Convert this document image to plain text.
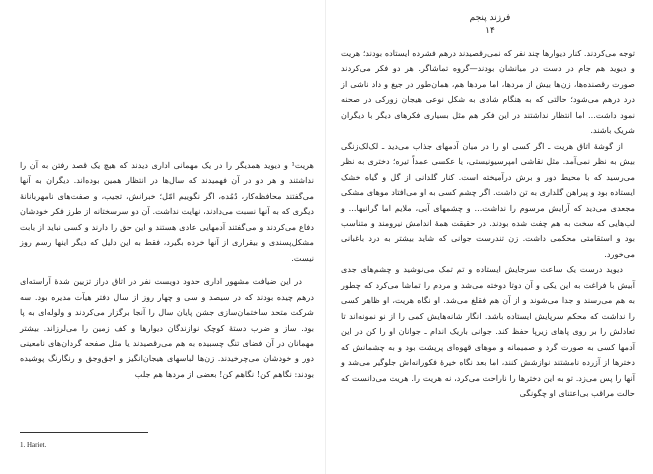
فرزند پنجم
۱۴

توجه می‌کردند. کنار دیوارها چند نفر که نمی‌رقصیدند درهم فشرده ایستاده بودند؛ هریت و دیوید هم جام در دست در میانشان بودند—گروه تماشاگر. هر دو فکر می‌کردند صورت رقصنده‌ها، زن‌ها بیش از مردها، اما مردها هم، همان‌طور در جیغ و داد ناشی از درد درهم می‌شود؛ حالتی که به هنگام شادی به شکل نوعی هیجان زورکی در صحنه نمود داشت... اما انتظار نداشتند در این فکر هم مثل بسیاری فکرهای دیگر با دیگران شریک باشند.

از گوشهٔ اتاق هریت ـ اگر کسی او را در میان آدمهای جذاب می‌دید ـ لک‌لک‌زنگی بیش به نظر نمی‌آمد. مثل نقاشی امپرسیونیستی، یا عکسی عمداً تیره؛ دختری به نظر می‌رسید که با محیط دور و برش درآمیخته است. کنار گلدانی از گل و گیاه خشک ایستاده بود و پیراهن گلداری به تن داشت. اگر چشم کسی به او می‌افتاد موهای مشکی مجعدی می‌دید که آرایش مرسوم را نداشت... و چشمهای آبی، ملایم اما گرانبها... و لب‌هایی که سخت به هم چفت شده بودند. در حقیقت همهٔ اندامش نیرومند و متناسب بود و استقامتی محکمی داشت. زن تندرست جوانی که شاید بیشتر به درد باغبانی می‌خورد.

دیوید درست یک ساعت سرجایش ایستاده و تم تمک می‌نوشید و چشم‌های جدی آبیش با فراغت به این یکی و آن دوتا دوخته می‌شد و مردم را تماشا می‌کرد که چطور به هم می‌رسند و جدا می‌شوند و از آن هم فقلغ می‌شد. او نگاه هریت، او ظاهر کسی را نداشت که محکم سرپایش ایستاده باشد. انگار شانه‌هایش کمی را از نو نمونه‌اند تا تعادلش را بر روی پاهای زیرپا حفظ کند. جوانی باریک اندام ـ جوانان او را کن در این آدمها کسی به صورت گرد و صمیمانه و موهای قهوه‌ای پرپشت بود و به چشمانش که دخترها از آزرده نامشتند نوازشش کنند، اما بعد نگاه خیرهٔ فکورانه‌اش جلوگیر می‌شد و آنها را پس می‌زد. تو به این دخترها را ناراحت می‌کرد، نه هریت را. هریت می‌دانست که حالت مراقب بی‌اعتنای او چگونگی

هریت¹ و دیوید همدیگر را در یک مهمانی اداری دیدند که هیچ یک قصد رفتن به آن را نداشتند و هر دو در آن فهمیدند که سال‌ها در انتظار همین بوده‌اند. دیگران به آنها می‌گفتند محافظه‌کار، دُمُده، اگر نگوییم امّل؛ خبرانش، تجیب، و صفت‌های نامهربانانهٔ دیگری که به آنها نسبت می‌دادند، نهایت نداشت. آن دو سرسختانه از طرز فکر خودشان دفاع می‌کردند و می‌گفتند آدمهایی عادی هستند و این حق را دارند و کسی نباید از بابت مشکل‌پسندی و بیقراری از آنها خرده بگیرد، فقط به این دلیل که دیگر اینها رسم روز نیست.

در این ضیافت مشهور اداری حدود دویست نفر در اتاق دراز تزیین شدهٔ آراسته‌ای درهم چیده بودند که در سیصد و سی و چهار روز از سال دفتر هیآت مدیره بود. سه شرکت متحد ساختمان‌سازی جشن پایان سال را آنجا برگزار می‌کردند و ولوله‌ای به پا بود. ساز و ضرب دستهٔ کوچک نوازندگان دیوارها و کف زمین را می‌لرزاند. بیشتر مهمانان در آن فضای تنگ چسبیده به هم می‌رقصیدند یا مثل صفحه گردان‌های نامعینی دور و خودشان می‌چرخیدند. زن‌ها لباسهای هیجان‌انگیز و اجق‌وجق و رنگارنگ پوشیده بودند: نگاهم کن! نگاهم کن! بعضی از مردها هم جلب

1. Hariet.
